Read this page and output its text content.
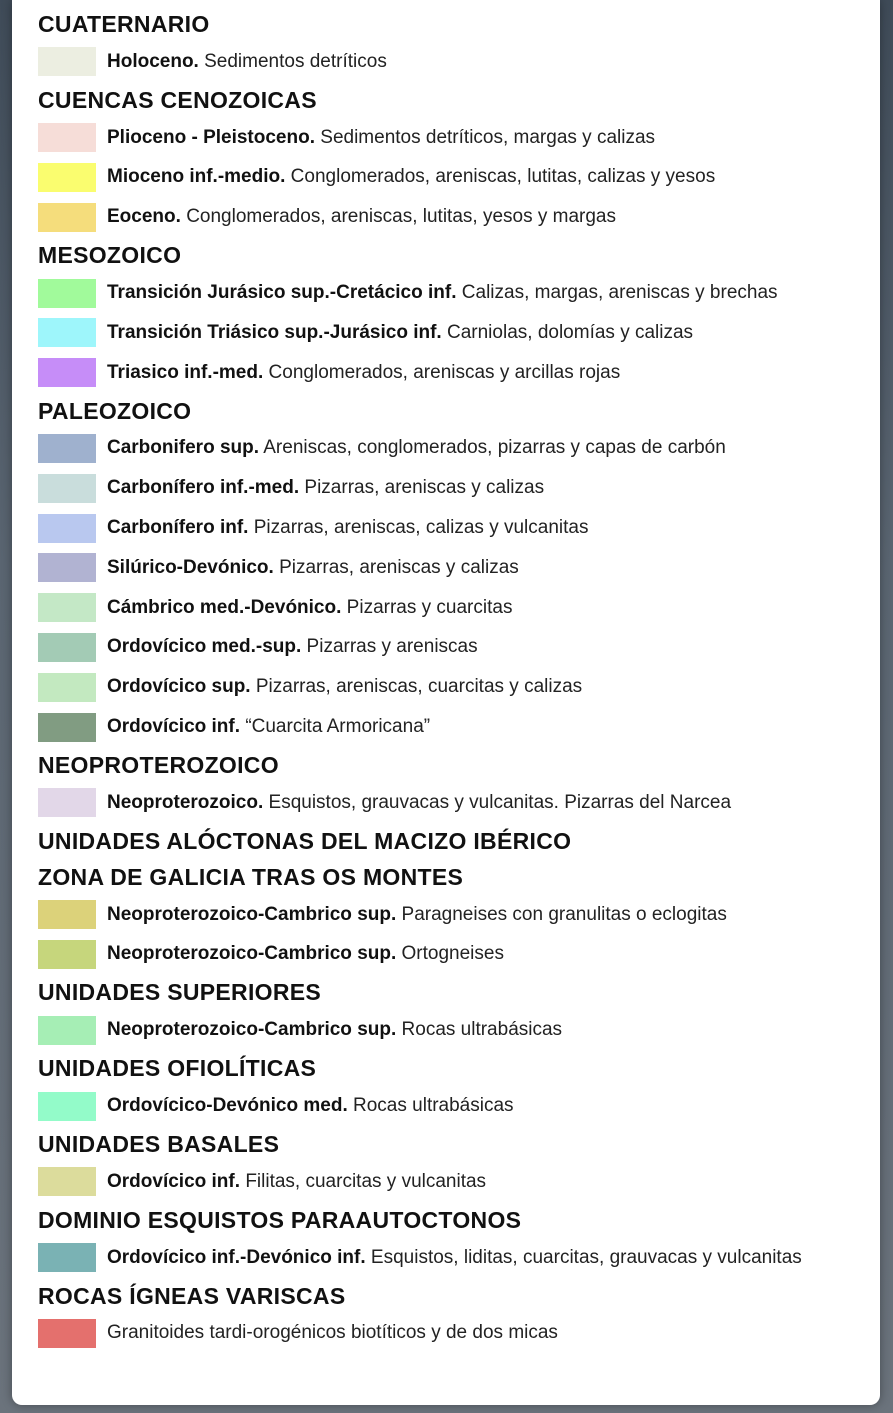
CUATERNARIO
Holoceno. Sedimentos detríticos
CUENCAS CENOZOICAS
Plioceno - Pleistoceno. Sedimentos detríticos, margas y calizas
Mioceno inf.-medio. Conglomerados, areniscas, lutitas, calizas y yesos
Eoceno. Conglomerados, areniscas, lutitas, yesos y margas
MESOZOICO
Transición Jurásico sup.-Cretácico inf. Calizas, margas, areniscas y brechas
Transición Triásico sup.-Jurásico inf. Carniolas, dolomías y calizas
Triasico inf.-med. Conglomerados, areniscas y arcillas rojas
PALEOZOICO
Carbonifero sup. Areniscas, conglomerados, pizarras y capas de carbón
Carbonífero inf.-med. Pizarras, areniscas y calizas
Carbonífero inf. Pizarras, areniscas, calizas y vulcanitas
Silúrico-Devónico. Pizarras, areniscas y calizas
Cámbrico med.-Devónico. Pizarras y cuarcitas
Ordovícico med.-sup. Pizarras y areniscas
Ordovícico sup. Pizarras, areniscas, cuarcitas y calizas
Ordovícico inf. “Cuarcita Armoricana”
NEOPROTEROZOICO
Neoproterozoico. Esquistos, grauvacas y vulcanitas. Pizarras del Narcea
UNIDADES ALÓCTONAS DEL MACIZO IBÉRICO
ZONA DE GALICIA TRAS OS MONTES
Neoproterozoico-Cambrico sup. Paragneises con granulitas o eclogitas
Neoproterozoico-Cambrico sup. Ortogneises
UNIDADES SUPERIORES
Neoproterozoico-Cambrico sup. Rocas ultrabásicas
UNIDADES OFIOLÍTICAS
Ordovícico-Devónico med. Rocas ultrabásicas
UNIDADES BASALES
Ordovícico inf. Filitas, cuarcitas y vulcanitas
DOMINIO ESQUISTOS PARAAUTOCTONOS
Ordovícico inf.-Devónico inf. Esquistos, liditas, cuarcitas, grauvacas y vulcanitas
ROCAS ÍGNEAS VARISCAS
Granitoides tardi-orogénicos biotíticos y de dos micas
